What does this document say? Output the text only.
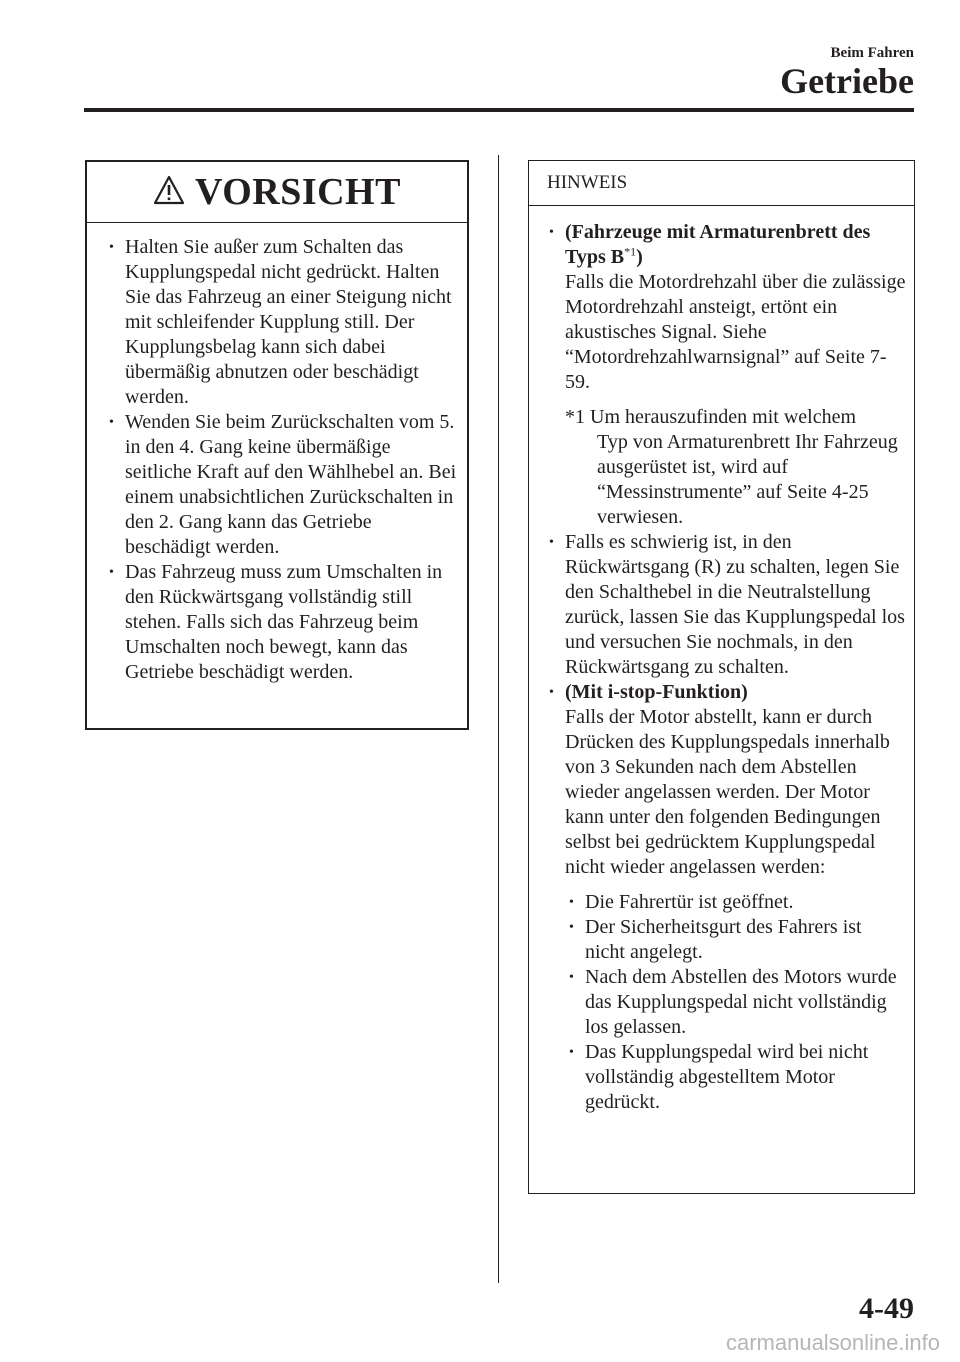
Beim Fahren
Getriebe
VORSICHT
• Halten Sie außer zum Schalten das Kupplungspedal nicht gedrückt. Halten Sie das Fahrzeug an einer Steigung nicht mit schleifender Kupplung still. Der Kupplungsbelag kann sich dabei übermäßig abnutzen oder beschädigt werden.
• Wenden Sie beim Zurückschalten vom 5. in den 4. Gang keine übermäßige seitliche Kraft auf den Wählhebel an. Bei einem unabsichtlichen Zurückschalten in den 2. Gang kann das Getriebe beschädigt werden.
• Das Fahrzeug muss zum Umschalten in den Rückwärtsgang vollständig still stehen. Falls sich das Fahrzeug beim Umschalten noch bewegt, kann das Getriebe beschädigt werden.
HINWEIS
• (Fahrzeuge mit Armaturenbrett des Typs $B^{*1}$)
Falls die Motordrehzahl über die zulässige Motordrehzahl ansteigt, ertönt ein akustisches Signal. Siehe “Motordrehzahlwarnsignal” auf Seite 7-59.
*1 Um herauszufinden mit welchem
Typ von Armaturenbrett Ihr Fahrzeug ausgerüstet ist, wird auf “Messinstrumente” auf Seite 4-25 verwiesen.
• Falls es schwierig ist, in den Rückwärtsgang (R) zu schalten, legen Sie den Schalthebel in die Neutralstellung zurück, lassen Sie das Kupplungspedal los und versuchen Sie nochmals, in den Rückwärtsgang zu schalten.
• (Mit i-stop-Funktion)
Falls der Motor abstellt, kann er durch Drücken des Kupplungspedals innerhalb von 3 Sekunden nach dem Abstellen wieder angelassen werden. Der Motor kann unter den folgenden Bedingungen selbst bei gedrücktem Kupplungspedal nicht wieder angelassen werden:
• Die Fahrertür ist geöffnet.
• Der Sicherheitsgurt des Fahrers ist nicht angelegt.
• Nach dem Abstellen des Motors wurde das Kupplungspedal nicht vollständig los gelassen.
• Das Kupplungspedal wird bei nicht vollständig abgestelltem Motor gedrückt.
4-49
carmanualsonline.info
